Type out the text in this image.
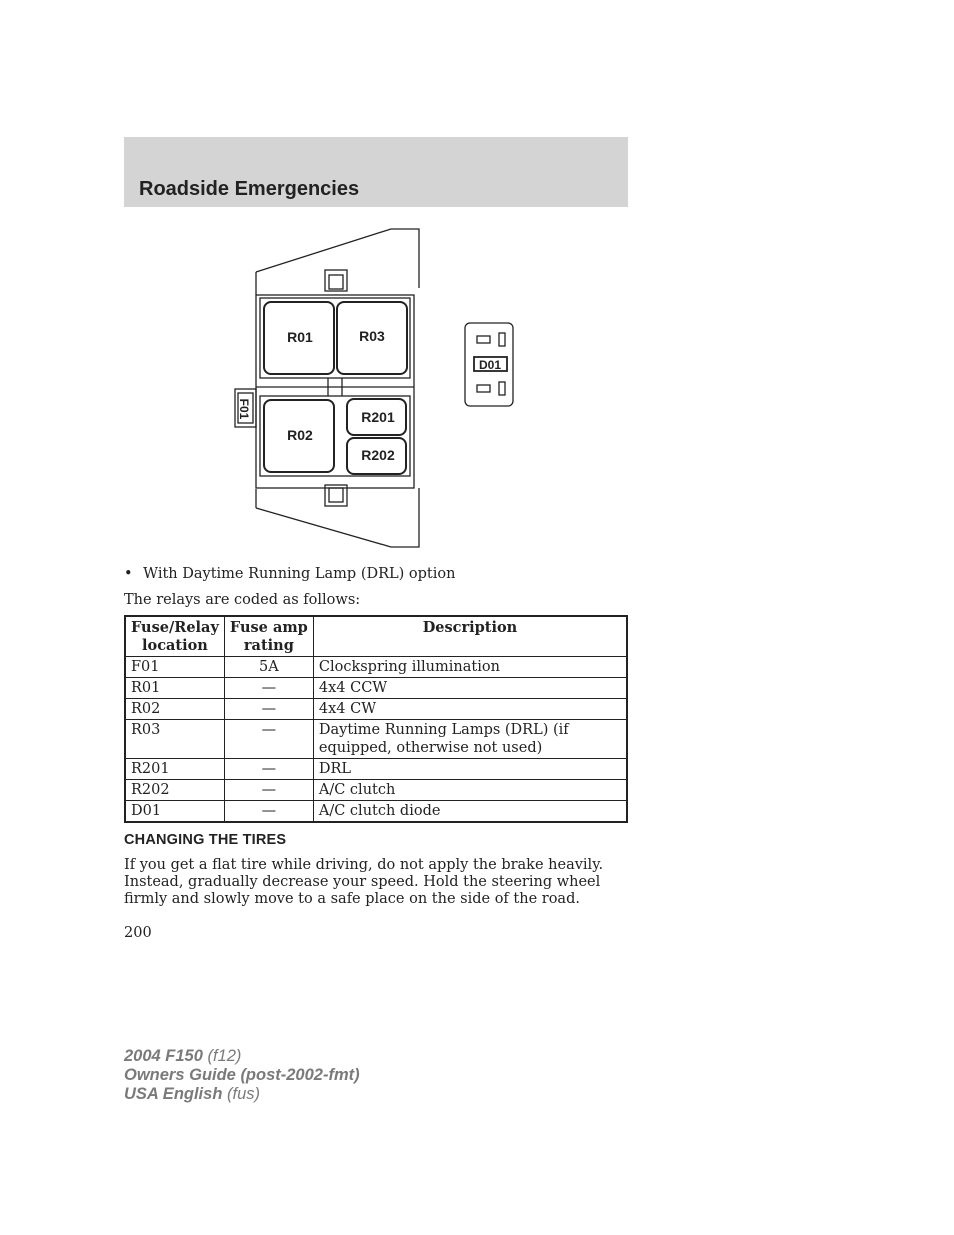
Roadside Emergencies
R01	R03
R02
R201
R202
F01
D01
• With Daytime Running Lamp (DRL) option
The relays are coded as follows:
Fuse/Relay location	Fuse amp rating	Description
F01	5A	Clockspring illumination
R01	—	4x4 CCW
R02	—	4x4 CW
R03	—	Daytime Running Lamps (DRL) (if equipped, otherwise not used)
R201	—	DRL
R202	—	A/C clutch
D01	—	A/C clutch diode
CHANGING THE TIRES
If you get a flat tire while driving, do not apply the brake heavily. Instead, gradually decrease your speed. Hold the steering wheel firmly and slowly move to a safe place on the side of the road.
200
2004 F150 (f12)
Owners Guide (post-2002-fmt)
USA English (fus)
